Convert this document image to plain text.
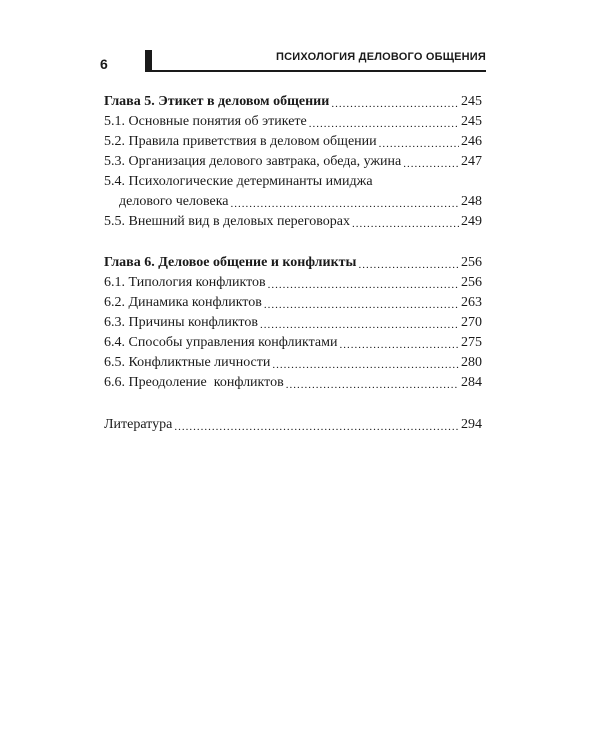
6	ПСИХОЛОГИЯ ДЕЛОВОГО ОБЩЕНИЯ
Глава 5. Этикет в деловом общении .....	245
5.1. Основные понятия об этикете .....	245
5.2. Правила приветствия в деловом общении .....	246
5.3. Организация делового завтрака, обеда, ужина .....	247
5.4. Психологические детерминанты имиджа
делового человека .....	248
5.5. Внешний вид в деловых переговорах .....	249
Глава 6. Деловое общение и конфликты .....	256
6.1. Типология конфликтов .....	256
6.2. Динамика конфликтов .....	263
6.3. Причины конфликтов .....	270
6.4. Способы управления конфликтами .....	275
6.5. Конфликтные личности .....	280
6.6. Преодоление  конфликтов .....	284
Литература .....	294
